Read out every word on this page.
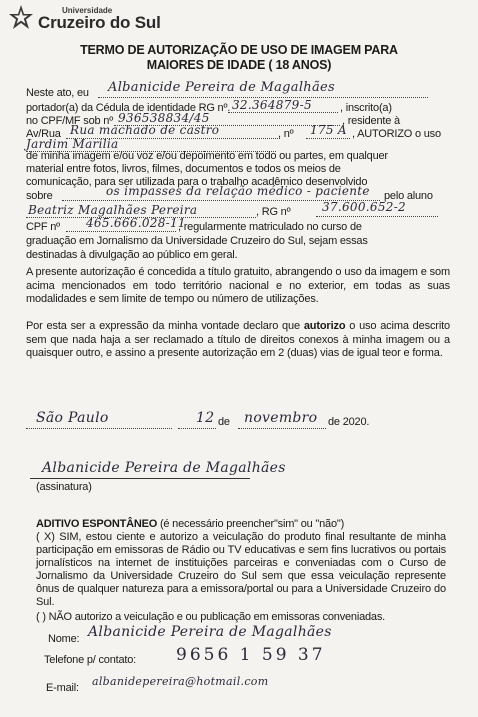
Universidade
Cruzeiro do Sul
TERMO DE AUTORIZAÇÃO DE USO DE IMAGEM PARA
MAIORES DE IDADE ( 18 ANOS)
Neste ato, eu	Albanicide Pereira de Magalhães
portador(a) da Cédula de identidade RG nº. 32.364879-5	, inscrito(a)
no CPF/MF sob nº 936538834/45	, residente à
Av/Rua Rua machado de castro	, nº	175 A , AUTORIZO o uso
Jardim Marilia
de minha imagem e/ou voz e/ou depoimento em todo ou partes, em qualquer
material entre fotos, livros, filmes, documentos e todos os meios de
comunicação, para ser utilizada para o trabalho acadêmico desenvolvido
sobre	os impasses da relação médico - paciente pelo aluno
Beatriz Magalhães Pereira	, RG nº	37.600.652-2
CPF nº	465.666.028-11
, regularmente matriculado no curso de
graduação em Jornalismo da Universidade Cruzeiro do Sul, sejam essas
destinadas à divulgação ao público em geral.
A presente autorização é concedida a título gratuito, abrangendo o uso da imagem e som acima mencionados em todo território nacional e no exterior, em todas as suas modalidades e sem limite de tempo ou número de utilizações.
Por esta ser a expressão da minha vontade declaro que autorizo o uso acima descrito sem que nada haja a ser reclamado a título de direitos conexos à minha imagem ou a quaisquer outro, e assino a presente autorização em 2 (duas) vias de igual teor e forma.
São Paulo	12 de	novembro de 2020.
Albanicide Pereira de Magalhães
(assinatura)
ADITIVO ESPONTÂNEO (é necessário preencher"sim" ou "não")
( X) SIM, estou ciente e autorizo a veiculação do produto final resultante de minha participação em emissoras de Rádio ou TV educativas e sem fins lucrativos ou portais jornalísticos na internet de instituições parceiras e conveniadas com o Curso de Jornalismo da Universidade Cruzeiro do Sul sem que essa veiculação represente ônus de qualquer natureza para a emissora/portal ou para a Universidade Cruzeiro do Sul.
( ) NÃO autorizo a veiculação e ou publicação em emissoras conveniadas.
Nome: Albanicide Pereira de Magalhães
Telefone p/ contato:	9656 1 59 37
E-mail:	albanidepereira@hotmail.com
